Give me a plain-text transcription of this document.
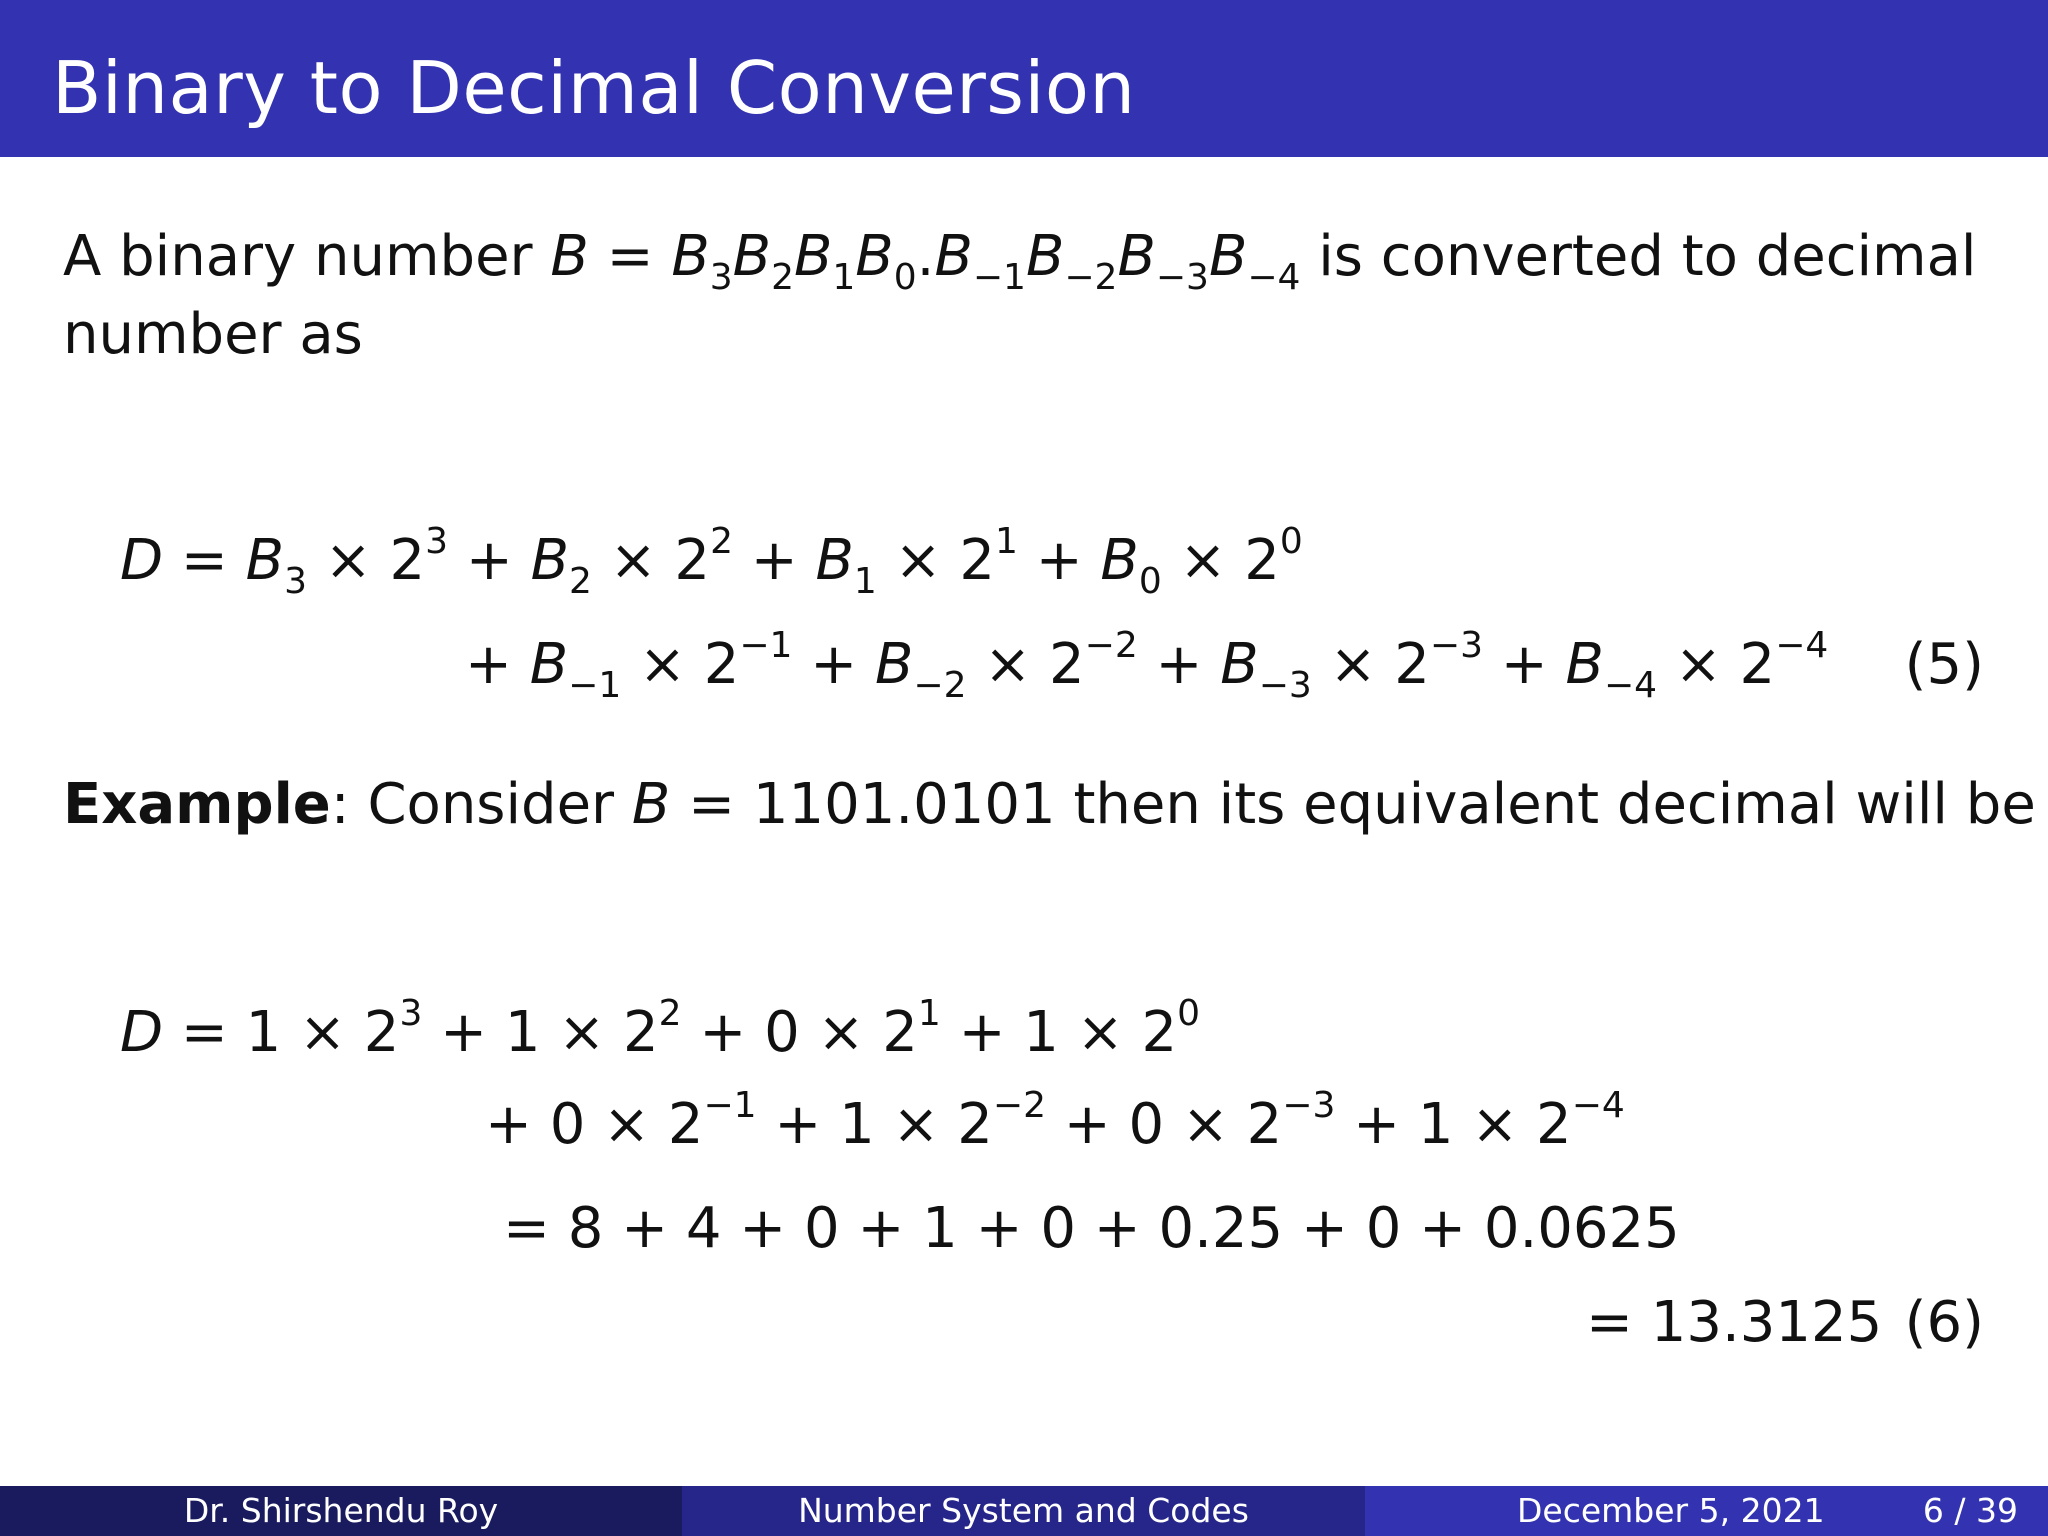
Binary to Decimal Conversion
A binary number $B = B_3B_2B_1B_0.B_{-1}B_{-2}B_{-3}B_{-4}$ is converted to decimal
number as
$D = B_3 \times 2^3 + B_2 \times 2^2 + B_1 \times 2^1 + B_0 \times 2^0$
+ $B_{-1} \times 2^{-1} + B_{-2} \times 2^{-2} + B_{-3} \times 2^{-3} + B_{-4} \times 2^{-4}$ (5)
Example: Consider B = 1101.0101 then its equivalent decimal will be
$D = 1 \times 2^3 + 1 \times 2^2 + 0 \times 2^1 + 1 \times 2^0$
+ $0 \times 2^{-1} + 1 \times 2^{-2} + 0 \times 2^{-3} + 1 \times 2^{-4}$
= 8 + 4 + 0 + 1 + 0 + 0.25 + 0 + 0.0625
= 13.3125 (6)
Dr. Shirshendu Roy	Number System and Codes	December 5, 2021	6 / 39
